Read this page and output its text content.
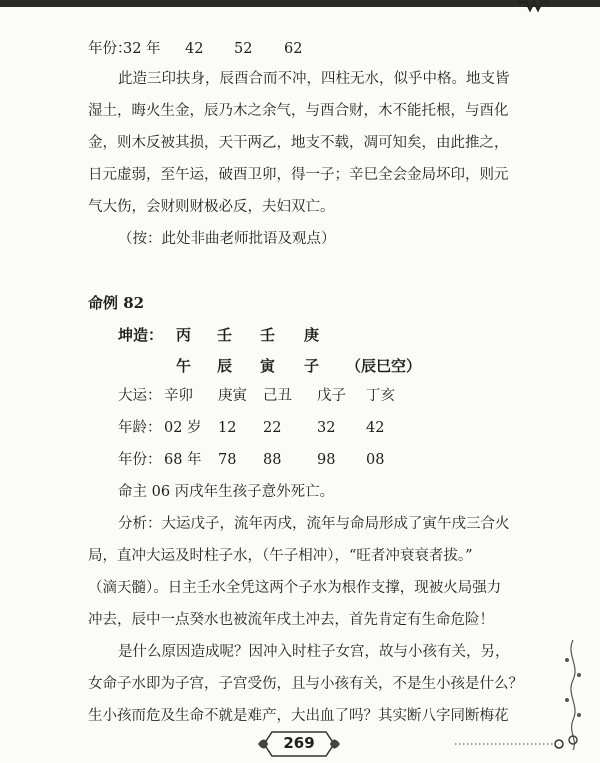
年份：
32 年 42 52 62
此造三印扶身，辰酉合而不冲，四柱无水，似乎中格。地支皆
湿土，晦火生金，辰乃木之余气，与酉合财，木不能托根，与酉化
金，则木反被其损，天干两乙，地支不载，凋可知矣，由此推之，
日元虚弱，至午运，破酉卫卯，得一子；辛巳全会金局坏印，则元
气大伤，会财则财极必反，夫妇双亡。
（按：此处非曲老师批语及观点）
命例 82
坤造： 丙 壬 壬 庚
午 辰 寅 子 （辰巳空）
大运： 辛卯 庚寅 己丑 戊子 丁亥
年龄： 02 岁 12 22 32 42
年份： 68 年 78 88 98 08
命主 06 丙戌年生孩子意外死亡。
分析：大运戊子，流年丙戌，流年与命局形成了寅午戌三合火
局，直冲大运及时柱子水，（午子相冲），“旺者冲衰衰者拔。”
（滴天髓）。日主壬水全凭这两个子水为根作支撑，现被火局强力
冲去，辰中一点癸水也被流年戌土冲去，首先肯定有生命危险！
是什么原因造成呢？因冲入时柱子女宫，故与小孩有关，另，
女命子水即为子宫，子宫受伤，且与小孩有关，不是生小孩是什么？
生小孩而危及生命不就是难产，大出血了吗？其实断八字同断梅花
269
